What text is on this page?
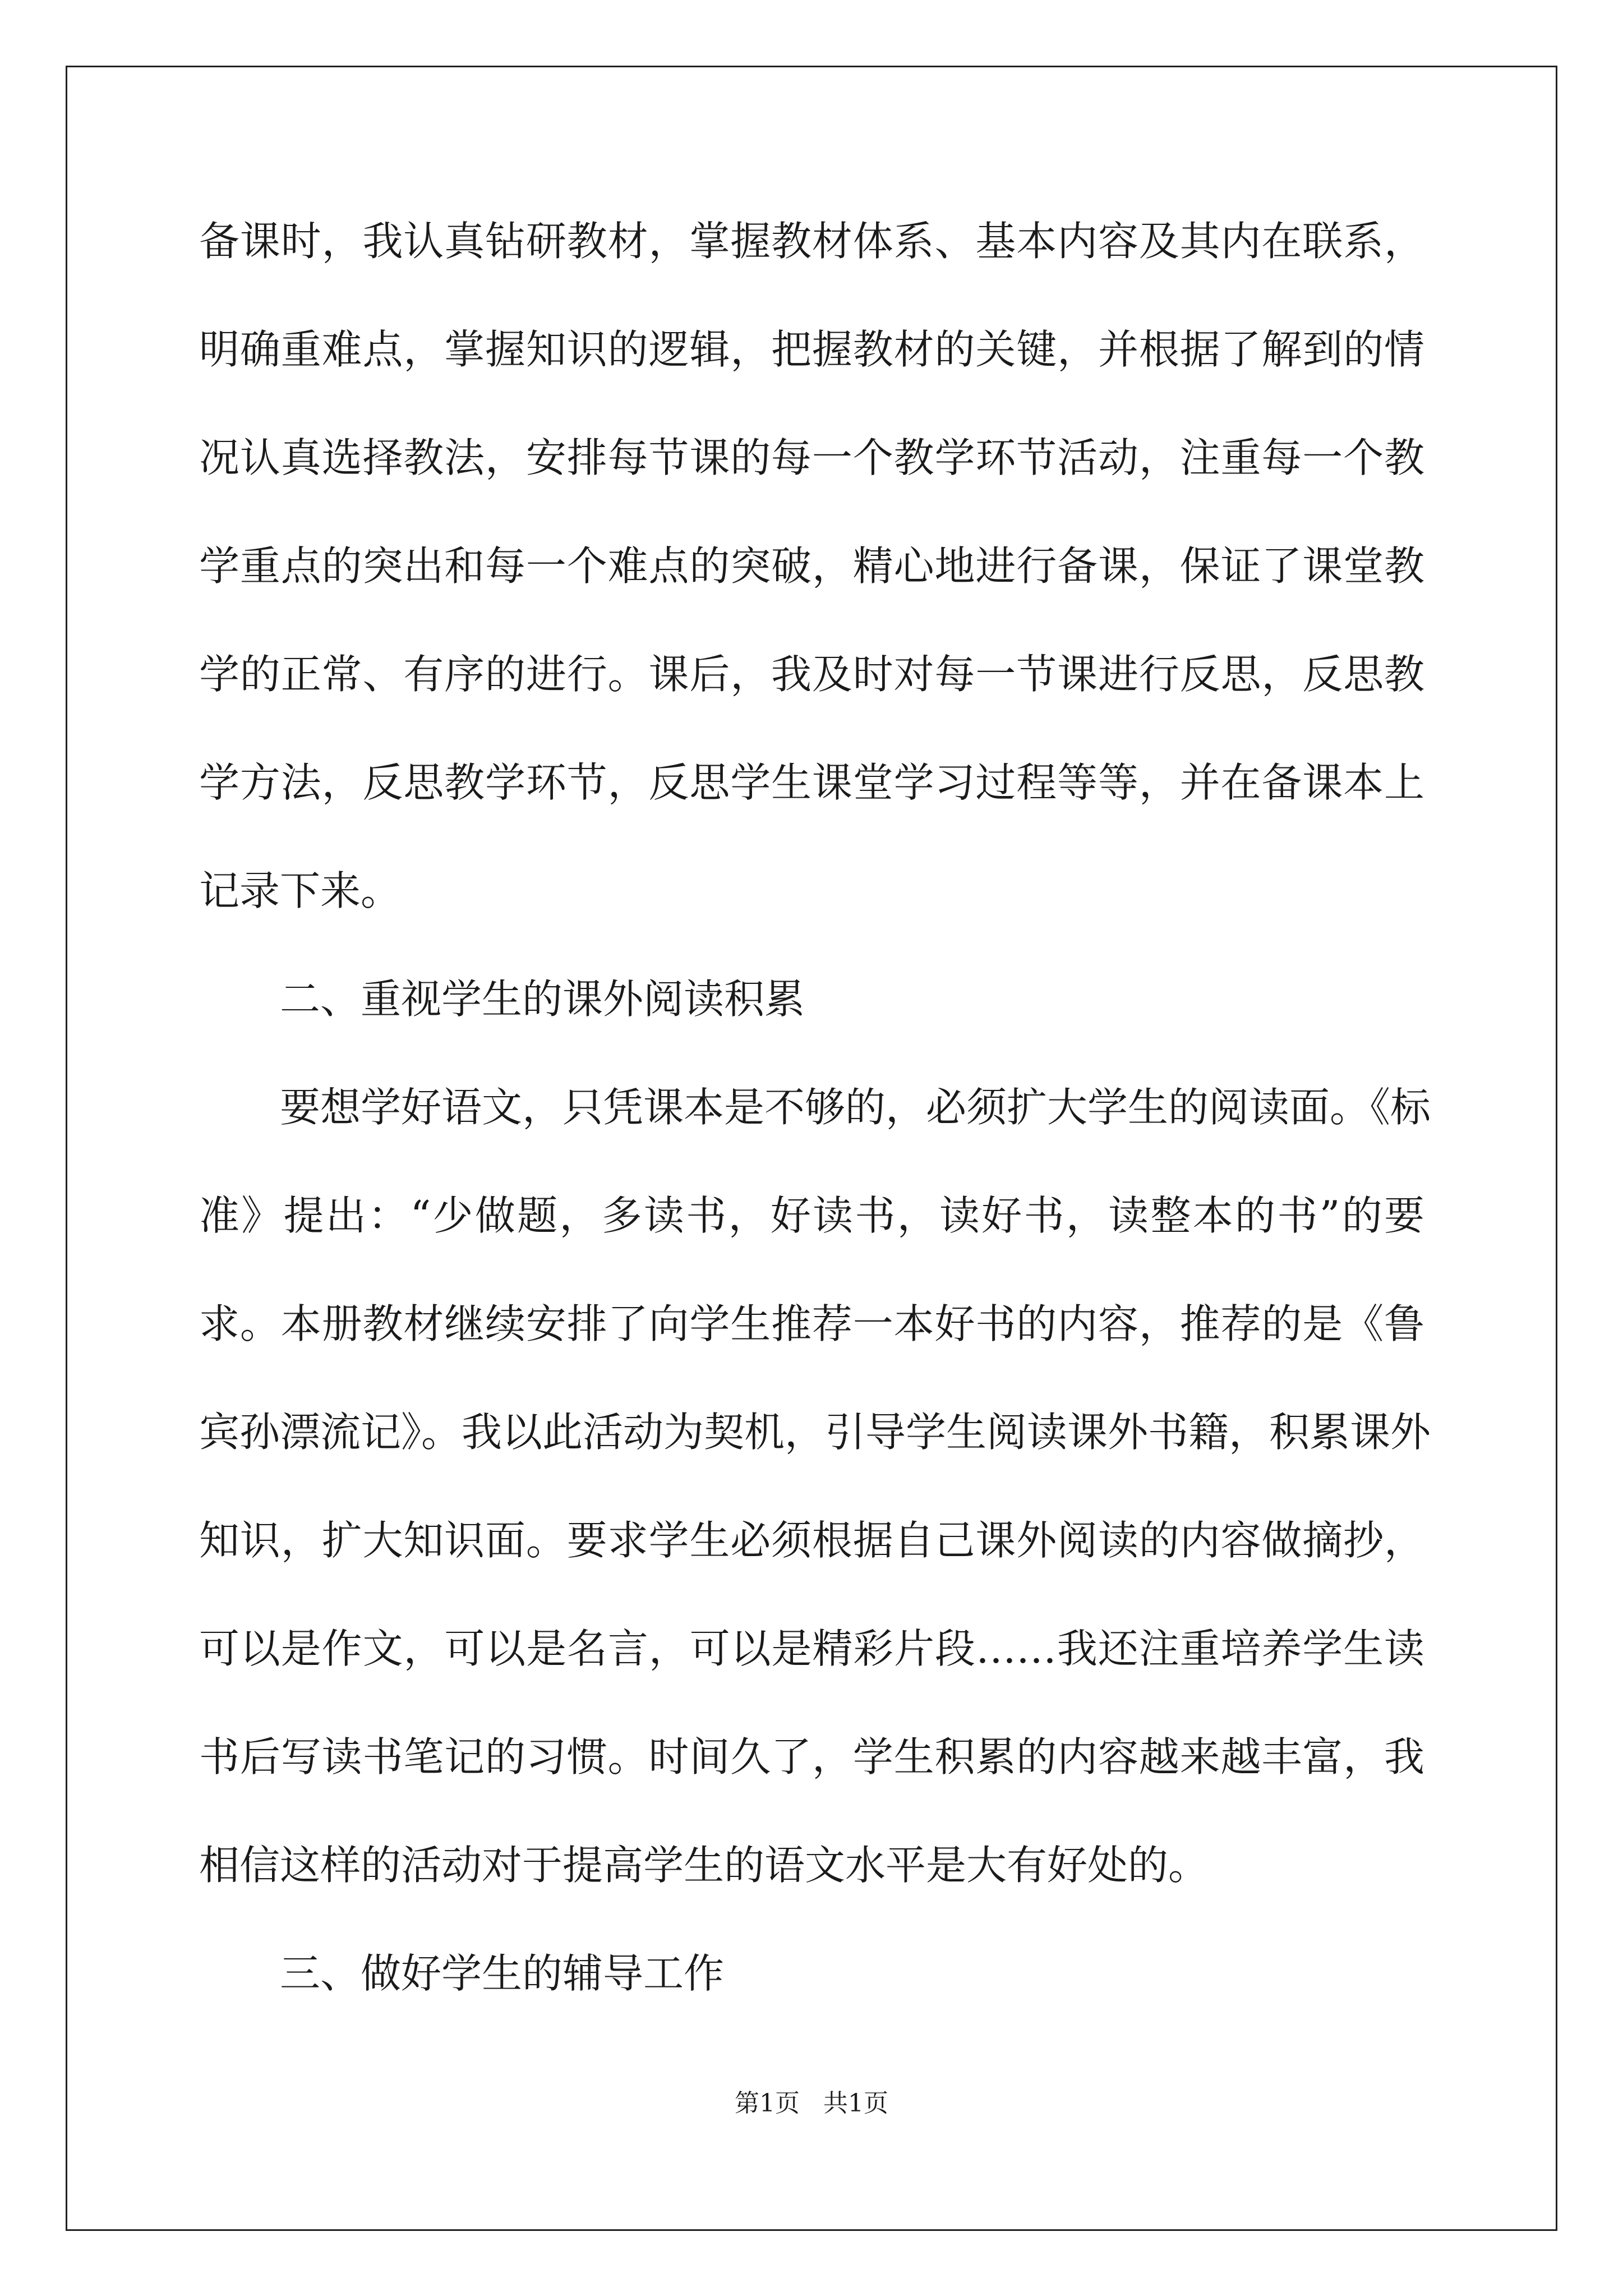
备课时，我认真钻研教材，掌握教材体系、基本内容及其内在联系，
明确重难点，掌握知识的逻辑，把握教材的关键，并根据了解到的情
况认真选择教法，安排每节课的每一个教学环节活动，注重每一个教
学重点的突出和每一个难点的突破，精心地进行备课，保证了课堂教
学的正常、有序的进行。课后，我及时对每一节课进行反思，反思教
学方法，反思教学环节，反思学生课堂学习过程等等，并在备课本上
记录下来。
二、重视学生的课外阅读积累
要想学好语文，只凭课本是不够的，必须扩大学生的阅读面。《标
准》提出：“少做题，多读书，好读书，读好书，读整本的书”的要
求。本册教材继续安排了向学生推荐一本好书的内容，推荐的是《鲁
宾孙漂流记》。我以此活动为契机，引导学生阅读课外书籍，积累课外
知识，扩大知识面。要求学生必须根据自己课外阅读的内容做摘抄，
可以是作文，可以是名言，可以是精彩片段……我还注重培养学生读
书后写读书笔记的习惯。时间久了，学生积累的内容越来越丰富，我
相信这样的活动对于提高学生的语文水平是大有好处的。
三、做好学生的辅导工作
第1页 共1页
